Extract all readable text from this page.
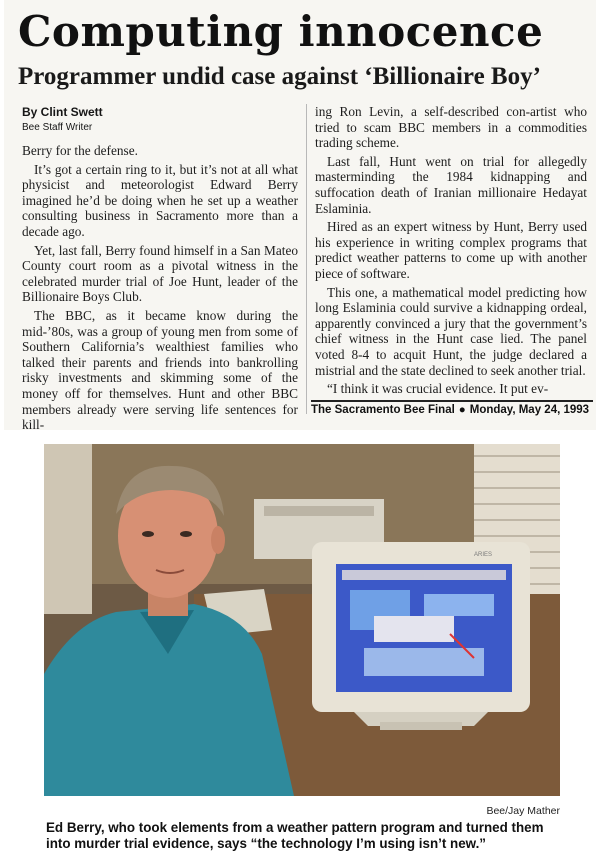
Computing innocence
Programmer undid case against ‘Billionaire Boy’
By Clint Swett
Bee Staff Writer

Berry for the defense.

It’s got a certain ring to it, but it’s not at all what physicist and meteorologist Edward Berry imagined he’d be doing when he set up a weather consulting business in Sacramento more than a decade ago.

Yet, last fall, Berry found himself in a San Mateo County court room as a pivotal witness in the celebrated murder trial of Joe Hunt, leader of the Billionaire Boys Club.

The BBC, as it became know during the mid-’80s, was a group of young men from some of Southern California’s wealthiest families who talked their parents and friends into bankrolling risky investments and skimming some of the money off for themselves. Hunt and other BBC members already were serving life sentences for kill-

ing Ron Levin, a self-described con-artist who tried to scam BBC members in a commodities trading scheme.

Last fall, Hunt went on trial for allegedly masterminding the 1984 kidnapping and suffocation death of Iranian millionaire Hedayat Eslaminia.

Hired as an expert witness by Hunt, Berry used his experience in writing complex programs that predict weather patterns to come up with another piece of software.

This one, a mathematical model predicting how long Eslaminia could survive a kidnapping ordeal, apparently convinced a jury that the government’s chief witness in the Hunt case lied. The panel voted 8-4 to acquit Hunt, the judge declared a mistrial and the state declined to seek another trial.

“I think it was crucial evidence. It put ev-

The Sacramento Bee Final ● Monday, May 24, 1993
ARIES
Bee/Jay Mather
Ed Berry, who took elements from a weather pattern program and turned them into murder trial evidence, says “the technology I’m using isn’t new.”
